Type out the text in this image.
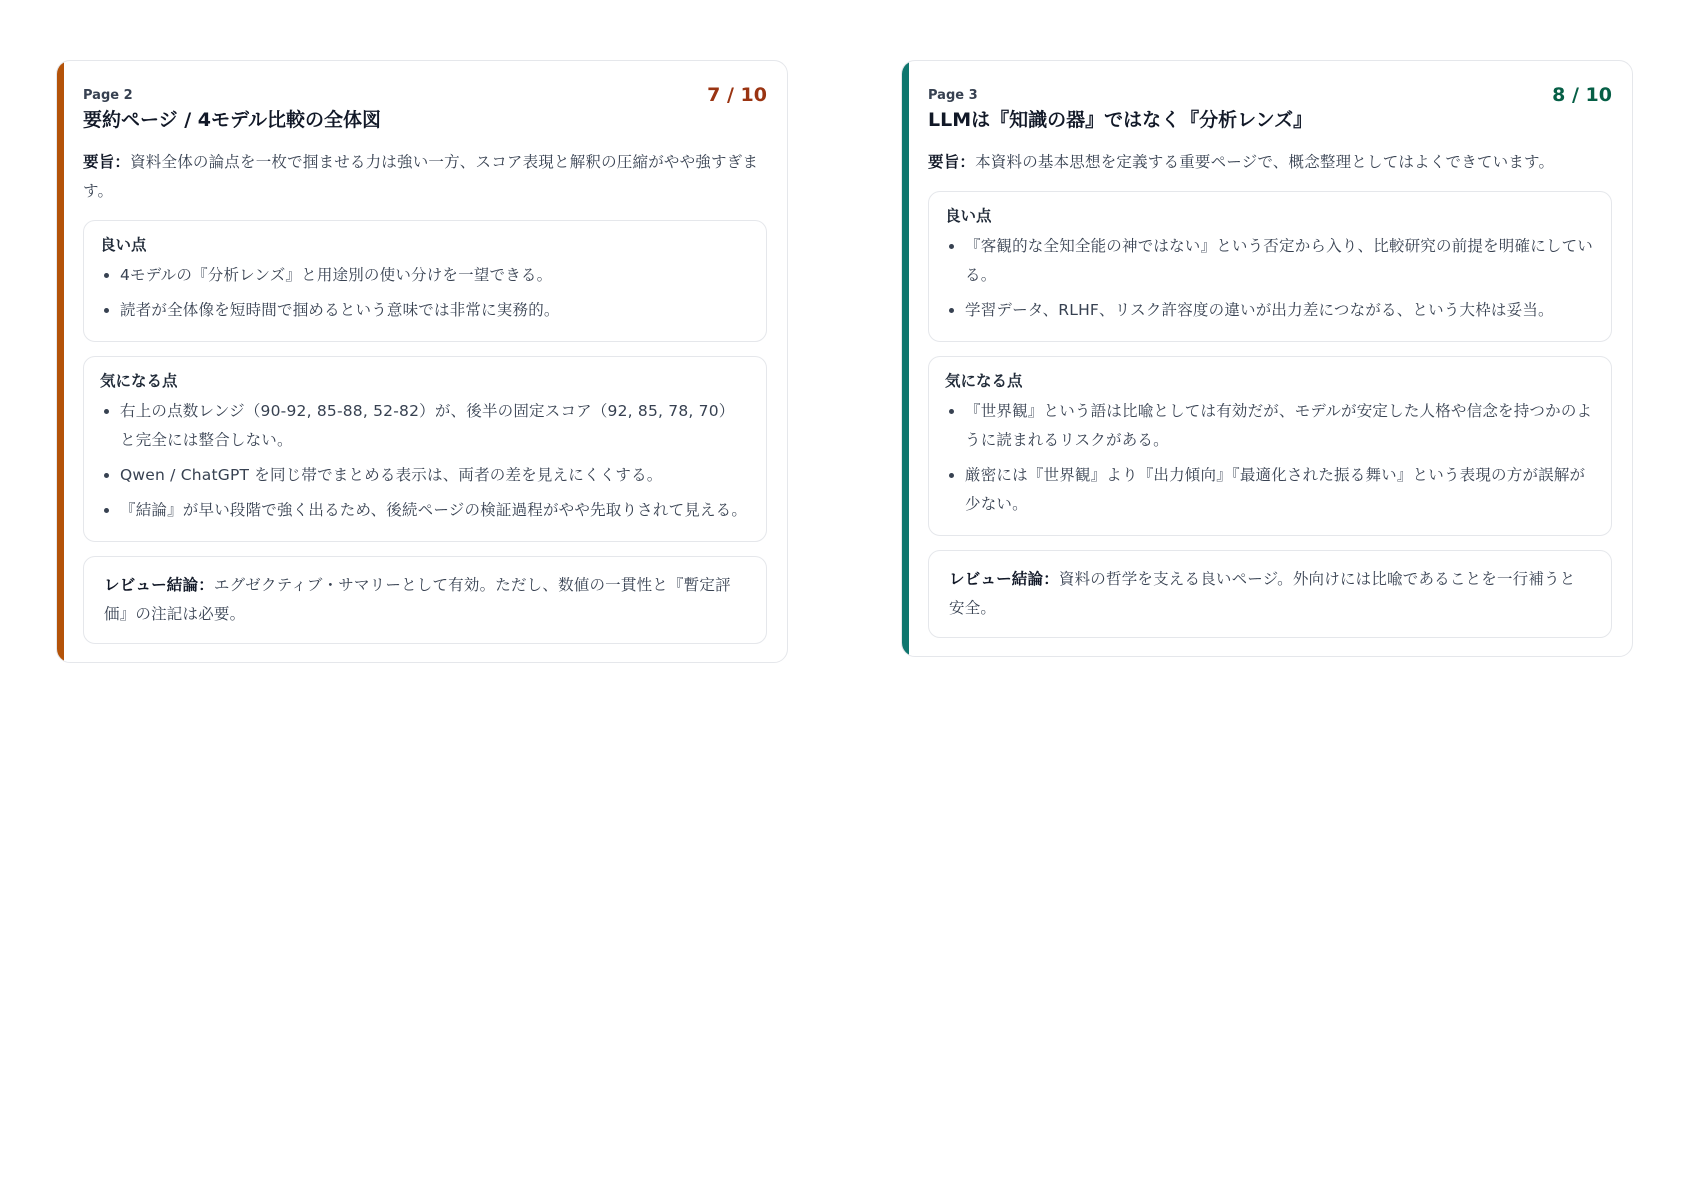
Page 2
要約ページ / 4モデル比較の全体図
7 / 10
要旨：資料全体の論点を一枚で掴ませる力は強い一方、スコア表現と解釈の圧縮がやや強すぎます。
良い点
• 4モデルの『分析レンズ』と用途別の使い分けを一望できる。
• 読者が全体像を短時間で掴めるという意味では非常に実務的。
気になる点
• 右上の点数レンジ（90-92, 85-88, 52-82）が、後半の固定スコア（92, 85, 78, 70）と完全には整合しない。
• Qwen / ChatGPT を同じ帯でまとめる表示は、両者の差を見えにくくする。
• 『結論』が早い段階で強く出るため、後続ページの検証過程がやや先取りされて見える。
レビュー結論：エグゼクティブ・サマリーとして有効。ただし、数値の一貫性と『暫定評価』の注記は必要。
Page 3
LLMは『知識の器』ではなく『分析レンズ』
8 / 10
要旨：本資料の基本思想を定義する重要ページで、概念整理としてはよくできています。
良い点
• 『客観的な全知全能の神ではない』という否定から入り、比較研究の前提を明確にしている。
• 学習データ、RLHF、リスク許容度の違いが出力差につながる、という大枠は妥当。
気になる点
• 『世界観』という語は比喩としては有効だが、モデルが安定した人格や信念を持つかのように読まれるリスクがある。
• 厳密には『世界観』より『出力傾向』『最適化された振る舞い』という表現の方が誤解が少ない。
レビュー結論：資料の哲学を支える良いページ。外向けには比喩であることを一行補うと安全。
